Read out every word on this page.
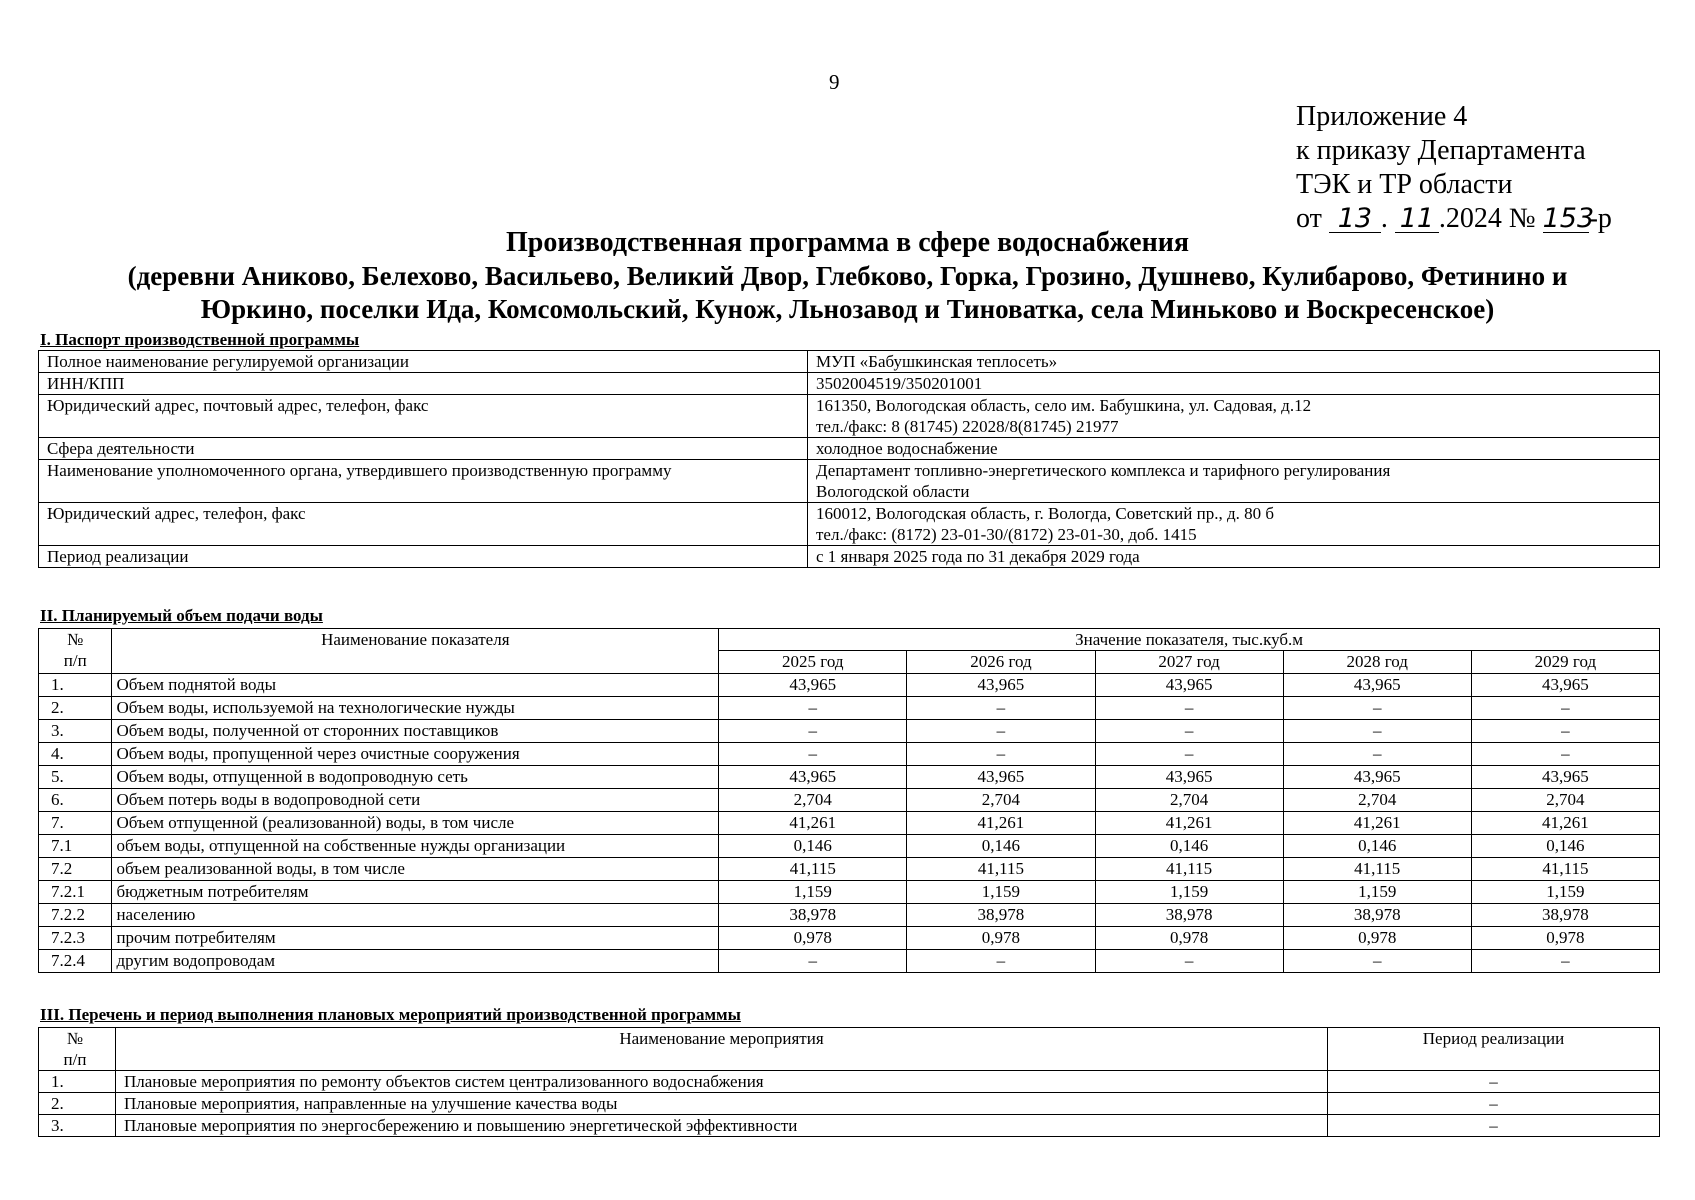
9
Приложение 4
к приказу Департамента
ТЭК и ТР области
от 13 . 11 .2024 № 153-р
Производственная программа в сфере водоснабжения
(деревни Аниково, Белехово, Васильево, Великий Двор, Глебково, Горка, Грозино, Душнево, Кулибарово, Фетинино и
Юркино, поселки Ида, Комсомольский, Кунож, Льнозавод и Тиноватка, села Миньково и Воскресенское)
I. Паспорт производственной программы
Полное наименование регулируемой организации	МУП «Бабушкинская теплосеть»

ИНН/КПП	3502004519/350201001

Юридический адрес, почтовый адрес, телефон, факс	161350, Вологодская область, село им. Бабушкина, ул. Садовая, д.12
тел./факс: 8 (81745) 22028/8(81745) 21977

Сфера деятельности	холодное водоснабжение

Наименование уполномоченного органа, утвердившего производственную программу	Департамент топливно-энергетического комплекса и тарифного регулирования
Вологодской области

Юридический адрес, телефон, факс	160012, Вологодская область, г. Вологда, Советский пр., д. 80 б
тел./факс: (8172) 23-01-30/(8172) 23-01-30, доб. 1415

Период реализации	с 1 января 2025 года по 31 декабря 2029 года
II. Планируемый объем подачи воды
№
п/п	Наименование показателя	Значение показателя, тыс.куб.м				
		2025 год	2026 год	2027 год	2028 год	2029 год
1.	Объем поднятой воды	43,965	43,965	43,965	43,965	43,965
2.	Объем воды, используемой на технологические нужды	–	–	–	–	–
3.	Объем воды, полученной от сторонних поставщиков	–	–	–	–	–
4.	Объем воды, пропущенной через очистные сооружения	–	–	–	–	–
5.	Объем воды, отпущенной в водопроводную сеть	43,965	43,965	43,965	43,965	43,965
6.	Объем потерь воды в водопроводной сети	2,704	2,704	2,704	2,704	2,704
7.	Объем отпущенной (реализованной) воды, в том числе	41,261	41,261	41,261	41,261	41,261
7.1	объем воды, отпущенной на собственные нужды организации	0,146	0,146	0,146	0,146	0,146
7.2	объем реализованной воды, в том числе	41,115	41,115	41,115	41,115	41,115
7.2.1	бюджетным потребителям	1,159	1,159	1,159	1,159	1,159
7.2.2	населению	38,978	38,978	38,978	38,978	38,978
7.2.3	прочим потребителям	0,978	0,978	0,978	0,978	0,978
7.2.4	другим водопроводам	–	–	–	–	–
III. Перечень и период выполнения плановых мероприятий производственной программы
№
п/п	Наименование мероприятия	Период реализации
1.	Плановые мероприятия по ремонту объектов систем централизованного водоснабжения	–
2.	Плановые мероприятия, направленные на улучшение качества воды	–
3.	Плановые мероприятия по энергосбережению и повышению энергетической эффективности	–
